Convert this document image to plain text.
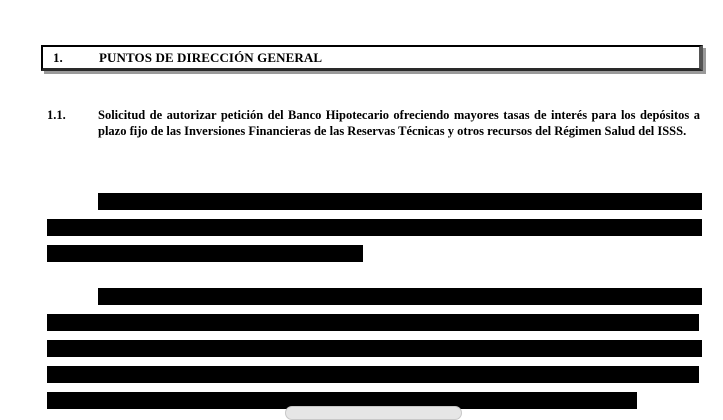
1.	PUNTOS DE DIRECCIÓN GENERAL
1.1.	Solicitud de autorizar petición del Banco Hipotecario ofreciendo mayores tasas de interés para los depósitos a plazo fijo de las Inversiones Financieras de las Reservas Técnicas y otros recursos del Régimen Salud del ISSS.
